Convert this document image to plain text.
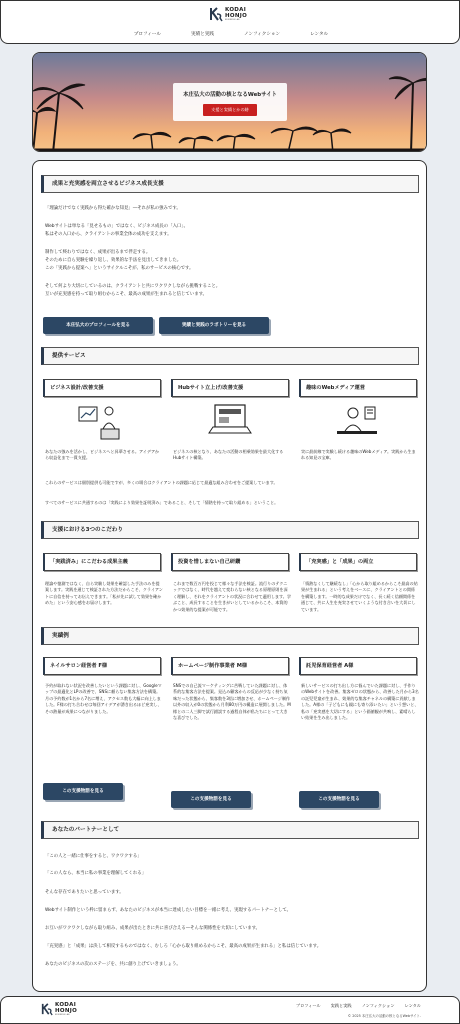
KODAI
HONJO
BUSINESS LAB
プロフィール	実績と実践	ノンフィクション	レンタル
本庄弘大の活動の核となるWebサイト
支援と実績とかの跡
成果と充実感を両立させるビジネス成長支援
「理論だけでなく実践から得た確かな知見」―それが私の強みです。
Webサイトは単なる「見せるもの」ではなく、ビジネス成長の「入口」。
私はその入口から、クライアントの事業全体の成功を支えます。
制作して終わりではなく、成果が出るまで伴走する。
そのために自ら実験を繰り返し、効果的な手法を見出してきました。
この「実践から提案へ」というサイクルこそが、私のサービスの核心です。
そして何より大切にしているのは、クライアントと共にワクワクしながら挑戦すること。
互いが充実感を持って取り組むからこそ、最高の成果が生まれると信じています。
本庄弘大のプロフィールを見る	実績と実践のラボトリーを見る
提供サービス
ビジネス設計/改善支援	Hubサイト立上げ/改善支援	趣味のWebメディア運営
あなたの強みを活かし、ビジネスへと昇華させる。アイデアから収益化まで一貫支援。
ビジネスの核となり、あなたの活動の相乗効果を最大化するHubサイト構築。
実に最前線で実験し続ける趣味のWebメディア。実践から生まれる知見の宝庫。
これらのサービスは個別提供も可能ですが、多くの場合はクライアントの課題に応じて最適な組み合わせをご提案しています。
すべてのサービスに共通するのは「実践により効果を証明済み」であること、そして「情熱を持って取り組める」ということ。
支援における3つのこだわり
「実践済み」にこだわる成果主義	投資を惜しまない自己研鑽	「充実感」と「成果」の両立
理論や憶測ではなく、自ら実験し効果を確認した手法のみを提案します。実践を通じて検証された方法だからこそ、クライアントに自信を持ってお伝えできます。「私が先に試して効果を確かめた」という安心感をお届けします。
これまで数百万円を投じて様々な手法を検証。流行りのテクニックではなく、時代を越えて変わらない核となる原理原則を深く理解し、それをクライアントの状況に合わせて適用します。学ぶこと、成長することを生きがいとしているからこそ、本質的かつ効果的な提案が可能です。
「情熱なくして継続なし」「心から取り組めるからこそ最高の結果が生まれる」という考えをベースに、クライアントとの関係を構築します。一時的な成果だけでなく、長く続く信頼関係を通じて、共に人生を充実させていくような付き合いを大切にしています。
実績例
ネイルサロン経営者 F様	ホームページ制作事業者 M様	託児保育経営者 A様
予約が取れない状況を改善したいという課題に対し、Googleマップの最適化とLPの改善で、SNSに頼らない集客方法を構築。月の予約数が1名から7名に増え、アクセス数も大幅に向上しました。F様の打ち合わせは毎回アイデアが湧き出るほど充実し、その熱量が成果につながりました。
SNSでの自己流マーケティングに苦戦していた課題に対し、体系的な集客方法を提案。見込み顧客からの反応が少なく持ち気味だった状態から、集客数を3倍に増加させ、ホームページ制作以外の収入が0の状態から月利80万円の構造に展開しました。M様との二人三脚で試行錯誤する過程自体が私たちにとって大きな喜びでした。
新しいサービスの打ち出し方に悩んでいた課題に対し、手作りのWebサイトを改善。集客ゼロの状態から、改善した月から3名の託児児童が生まれ、効果的な集客チャネルの構築に貢献しました。A様の「子どもにも親にも寄り添いたい」という想いと、私の「充実感を大切にする」という価値観が共鳴し、素晴らしい結果を生み出しました。
この支援物語を見る
この支援物語を見る	この支援物語を見る
あなたのパートナーとして
「この人と一緒に仕事をすると、ワクワクする」
「この人なら、本当に私の事業を理解してくれる」
そんな存在でありたいと思っています。
Webサイト制作という枠に留まらず、あなたのビジネスが本当に達成したい目標を一緒に考え、実現するパートナーとして。
お互いがワクワクしながら取り組み、成果が出たときに共に喜び合える—そんな関係性を大切にしています。
「充実感」と「成果」は決して相反するものではなく、むしろ「心から取り組めるからこそ、最高の成果が生まれる」と私は信じています。
あなたのビジネスの次のステージを、共に創り上げていきましょう。
KODAI
HONJO
BUSINESS LAB
プロフィール 実践と実践 ノンフィクション レンタル
© 2025 本庄弘大の活動の核となるWebサイト.
